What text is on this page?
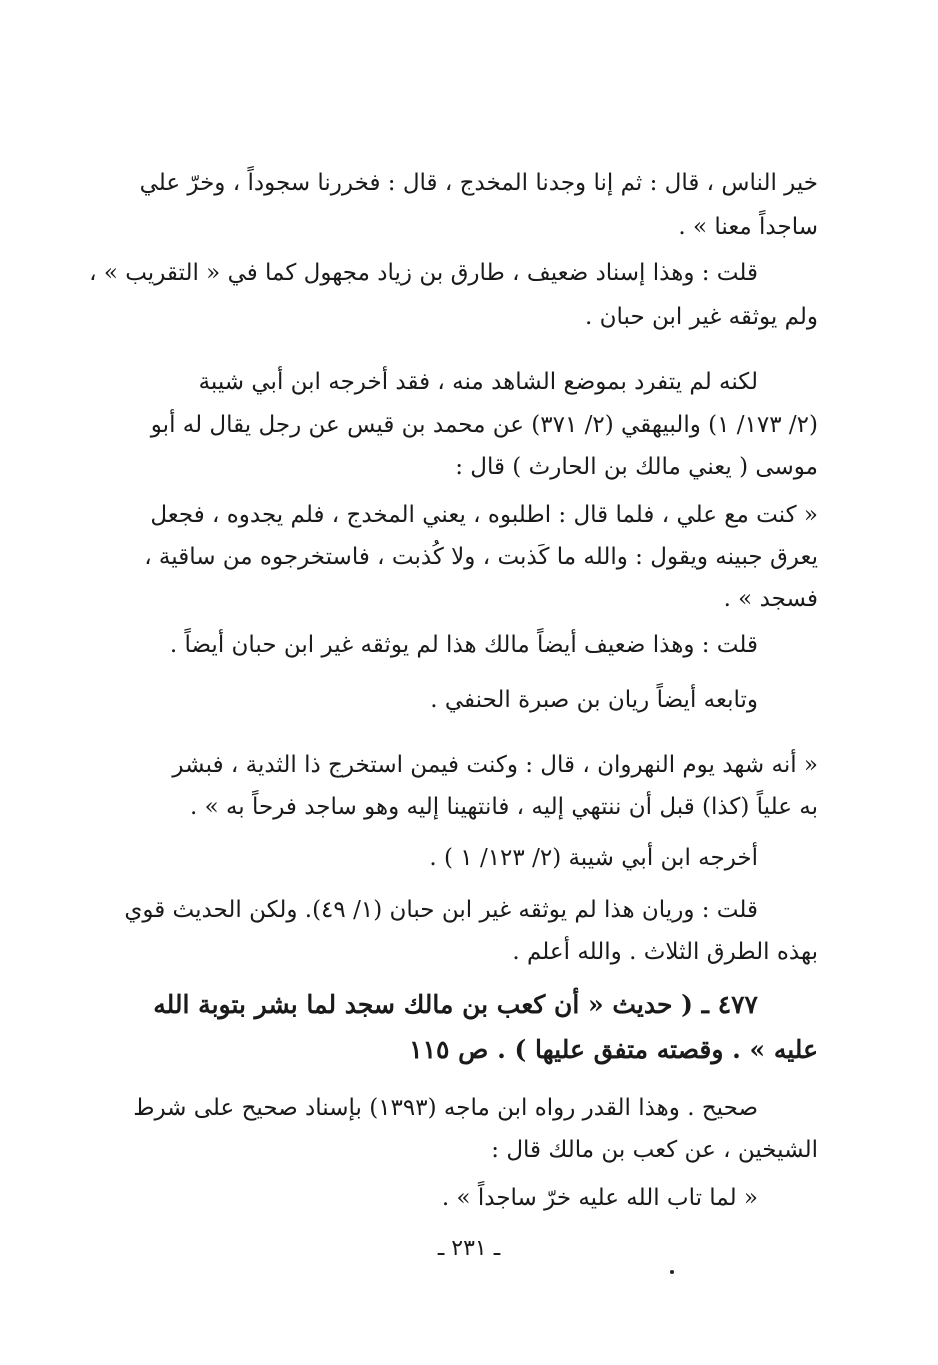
خير الناس ، قال : ثم إنا وجدنا المخدج ، قال : فخررنا سجوداً ، وخرّ علي
ساجداً معنا » .
قلت : وهذا إسناد ضعيف ، طارق بن زياد مجهول كما في « التقريب » ،
ولم يوثقه غير ابن حبان .
لكنه لم يتفرد بموضع الشاهد منه ، فقد أخرجه ابن أبي شيبة
(٢/ ١٧٣/ ١) والبيهقي (٢/ ٣٧١) عن محمد بن قيس عن رجل يقال له أبو
موسى ( يعني مالك بن الحارث ) قال :
« كنت مع علي ، فلما قال : اطلبوه ، يعني المخدج ، فلم يجدوه ، فجعل
يعرق جبينه ويقول : والله ما كَذبت ، ولا كُذبت ، فاستخرجوه من ساقية ،
فسجد » .
قلت : وهذا ضعيف أيضاً مالك هذا لم يوثقه غير ابن حبان أيضاً .
وتابعه أيضاً ريان بن صبرة الحنفي .
« أنه شهد يوم النهروان ، قال : وكنت فيمن استخرج ذا الثدية ، فبشر
به علياً (كذا) قبل أن ننتهي إليه ، فانتهينا إليه وهو ساجد فرحاً به » .
أخرجه ابن أبي شيبة (٢/ ١٢٣/ ١ ) .
قلت : وريان هذا لم يوثقه غير ابن حبان (١/ ٤٩). ولكن الحديث قوي
بهذه الطرق الثلاث . والله أعلم .
٤٧٧ ـ ( حديث « أن كعب بن مالك سجد لما بشر بتوبة الله
عليه » . وقصته متفق عليها ) . ص ١١٥
صحيح . وهذا القدر رواه ابن ماجه (١٣٩٣) بإسناد صحيح على شرط
الشيخين ، عن كعب بن مالك قال :
« لما تاب الله عليه خرّ ساجداً » .
ـ ٢٣١ ـ
